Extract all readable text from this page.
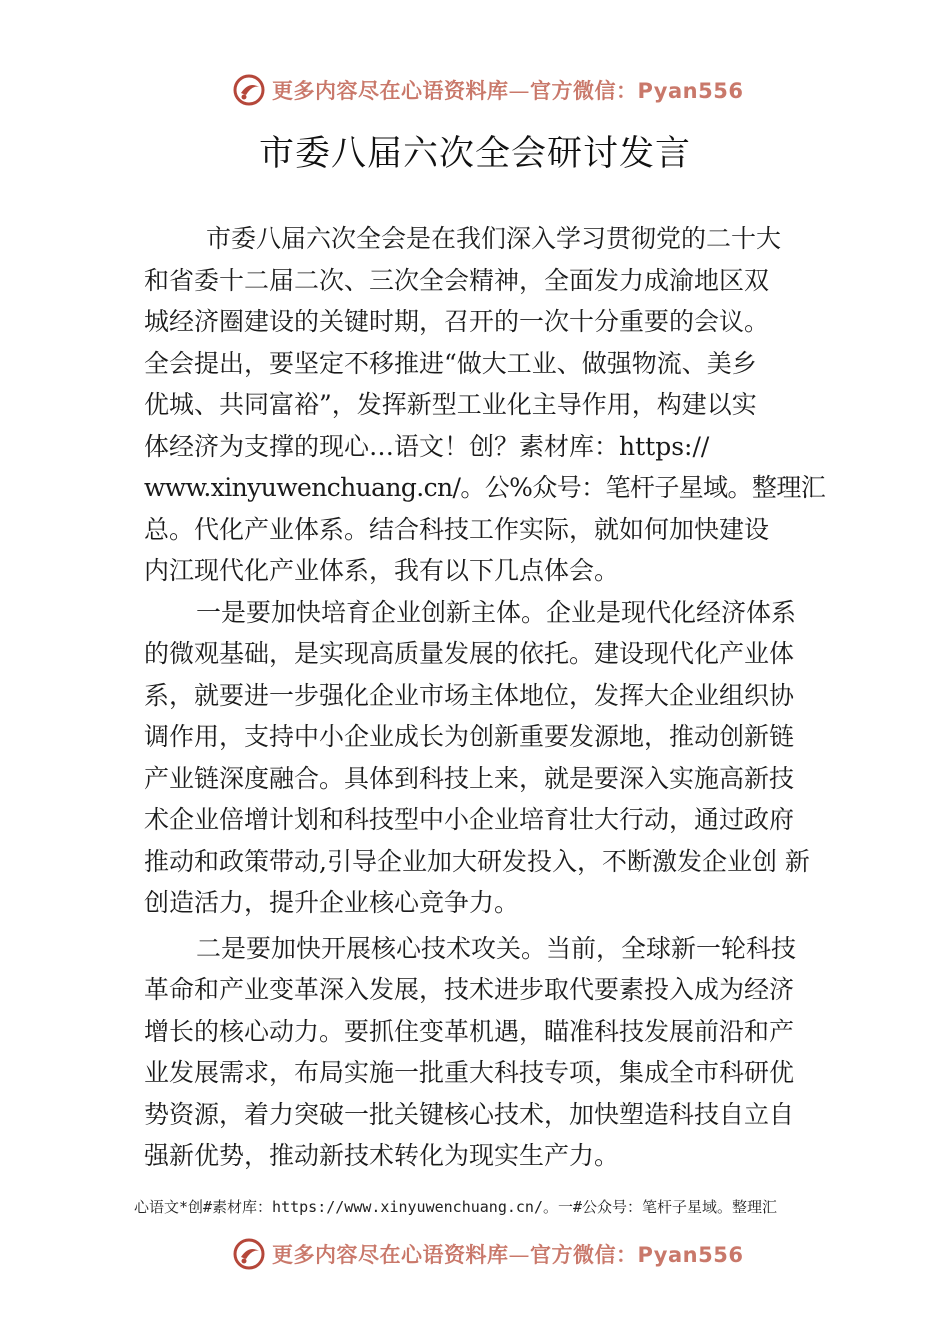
更多内容尽在心语资料库—官方微信：Pyan556
市委八届六次全会研讨发言
市委八届六次全会是在我们深入学习贯彻党的二十大
和省委十二届二次、三次全会精神，全面发力成渝地区双
城经济圈建设的关键时期，召开的一次十分重要的会议。
全会提出，要坚定不移推进“做大工业、做强物流、美乡
优城、共同富裕”，发挥新型工业化主导作用，构建以实
体经济为支撑的现心…语文！创？素材库：https://
www.xinyuwenchuang.cn/。公%众号：笔杆子星域。整理汇
总。代化产业体系。结合科技工作实际，就如何加快建设
内江现代化产业体系，我有以下几点体会。
一是要加快培育企业创新主体。企业是现代化经济体系
的微观基础，是实现高质量发展的依托。建设现代化产业体
系，就要进一步强化企业市场主体地位，发挥大企业组织协
调作用，支持中小企业成长为创新重要发源地，推动创新链
产业链深度融合。具体到科技上来，就是要深入实施高新技
术企业倍增计划和科技型中小企业培育壮大行动，通过政府
推动和政策带动,引导企业加大研发投入，不断激发企业创 新
创造活力，提升企业核心竞争力。
二是要加快开展核心技术攻关。当前，全球新一轮科技
革命和产业变革深入发展，技术进步取代要素投入成为经济
增长的核心动力。要抓住变革机遇，瞄准科技发展前沿和产
业发展需求，布局实施一批重大科技专项，集成全市科研优
势资源，着力突破一批关键核心技术，加快塑造科技自立自
强新优势，推动新技术转化为现实生产力。
心语文*创#素材库：https://www.xinyuwenchuang.cn/。一#公众号：笔杆子星域。整理汇
更多内容尽在心语资料库—官方微信：Pyan556
